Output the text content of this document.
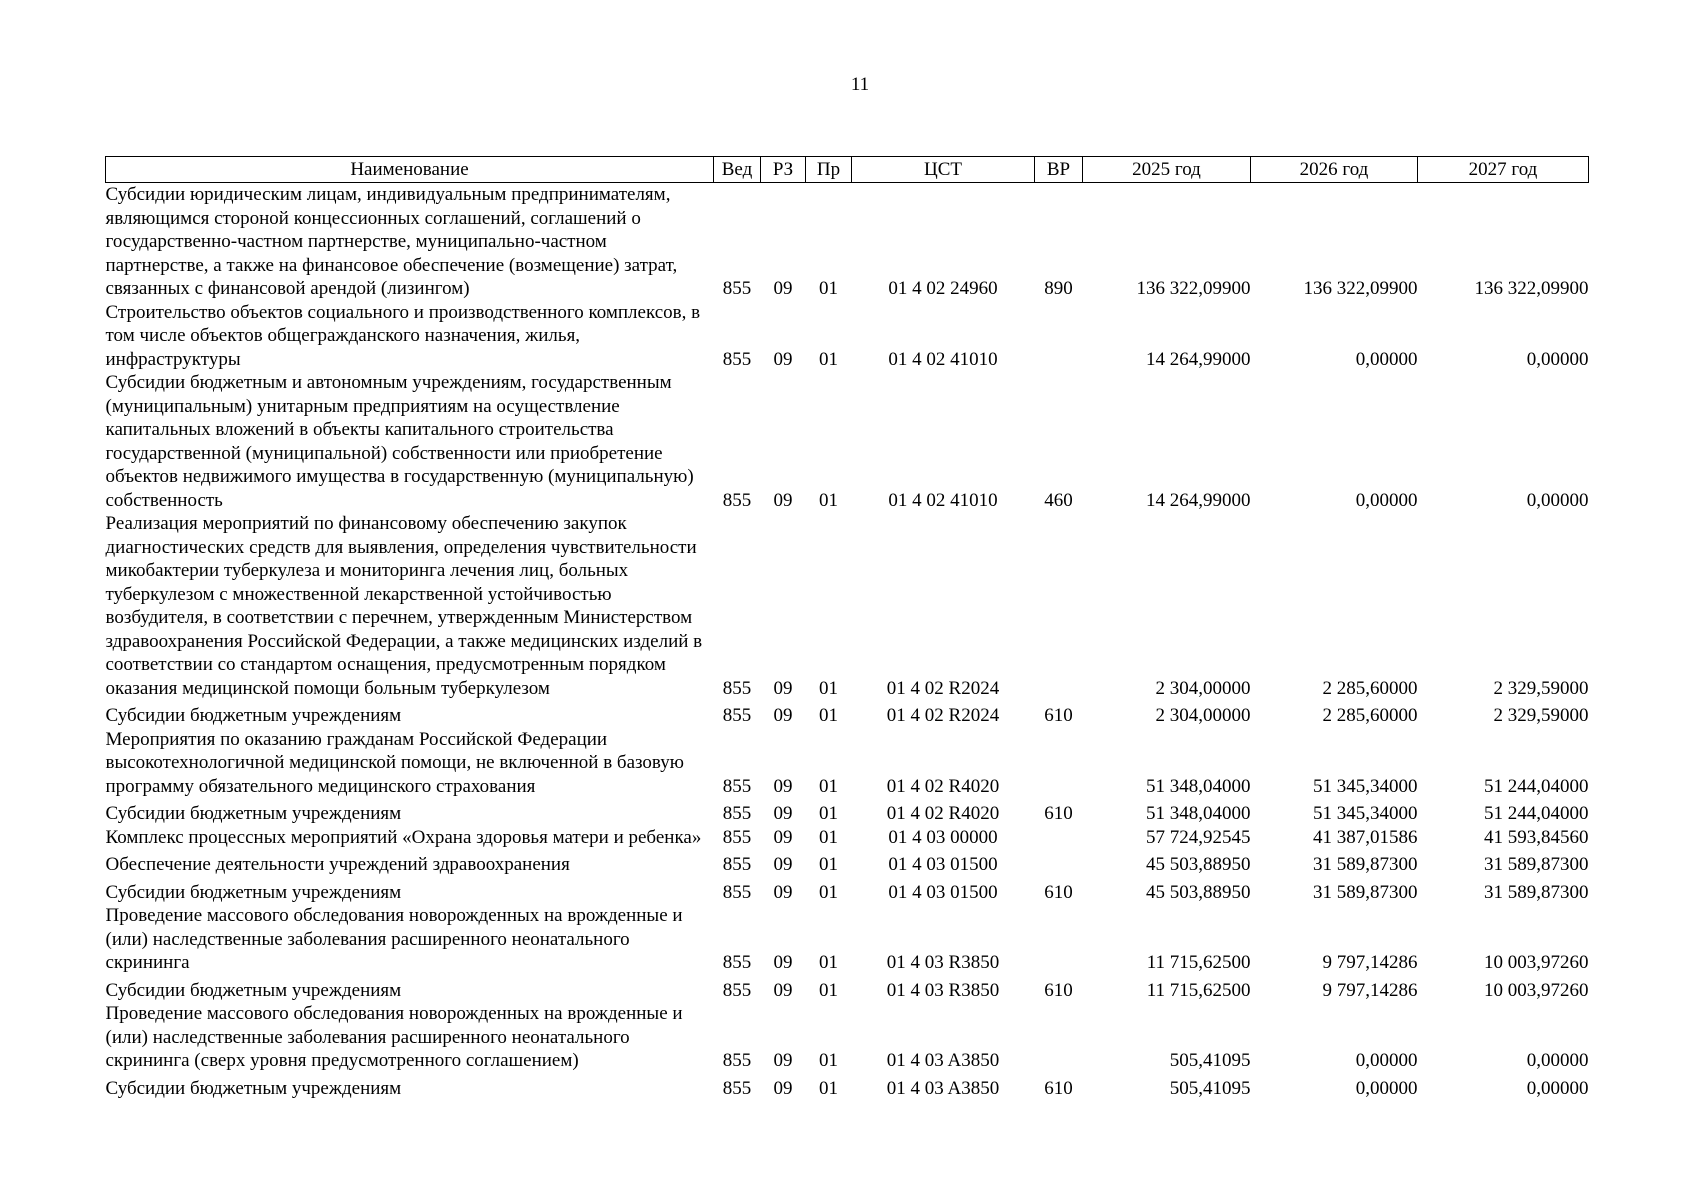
11
Наименование	Вед	РЗ	Пр	ЦСТ	ВР	2025 год	2026 год	2027 год
Субсидии юридическим лицам, индивидуальным предпринимателям, являющимся стороной концессионных соглашений, соглашений о государственно-частном партнерстве, муниципально-частном партнерстве, а также на финансовое обеспечение (возмещение) затрат, связанных с финансовой арендой (лизингом)	855	09	01	01 4 02 24960	890	136 322,09900	136 322,09900	136 322,09900
Строительство объектов социального и производственного комплексов, в том числе объектов общегражданского назначения, жилья, инфраструктуры	855	09	01	01 4 02 41010		14 264,99000	0,00000	0,00000
Субсидии бюджетным и автономным учреждениям, государственным (муниципальным) унитарным предприятиям на осуществление капитальных вложений в объекты капитального строительства государственной (муниципальной) собственности или приобретение объектов недвижимого имущества в государственную (муниципальную) собственность	855	09	01	01 4 02 41010	460	14 264,99000	0,00000	0,00000
Реализация мероприятий по финансовому обеспечению закупок диагностических средств для выявления, определения чувствительности микобактерии туберкулеза и мониторинга лечения лиц, больных туберкулезом с множественной лекарственной устойчивостью возбудителя, в соответствии с перечнем, утвержденным Министерством здравоохранения Российской Федерации, а также медицинских изделий в соответствии со стандартом оснащения, предусмотренным порядком оказания медицинской помощи больным туберкулезом	855	09	01	01 4 02 R2024		2 304,00000	2 285,60000	2 329,59000
Субсидии бюджетным учреждениям	855	09	01	01 4 02 R2024	610	2 304,00000	2 285,60000	2 329,59000
Мероприятия по оказанию гражданам Российской Федерации высокотехнологичной медицинской помощи, не включенной в базовую программу обязательного медицинского страхования	855	09	01	01 4 02 R4020		51 348,04000	51 345,34000	51 244,04000
Субсидии бюджетным учреждениям	855	09	01	01 4 02 R4020	610	51 348,04000	51 345,34000	51 244,04000
Комплекс процессных мероприятий «Охрана здоровья матери и ребенка»	855	09	01	01 4 03 00000		57 724,92545	41 387,01586	41 593,84560
Обеспечение деятельности учреждений здравоохранения	855	09	01	01 4 03 01500		45 503,88950	31 589,87300	31 589,87300
Субсидии бюджетным учреждениям	855	09	01	01 4 03 01500	610	45 503,88950	31 589,87300	31 589,87300
Проведение массового обследования новорожденных на врожденные и (или) наследственные заболевания расширенного неонатального скрининга	855	09	01	01 4 03 R3850		11 715,62500	9 797,14286	10 003,97260
Субсидии бюджетным учреждениям	855	09	01	01 4 03 R3850	610	11 715,62500	9 797,14286	10 003,97260
Проведение массового обследования новорожденных на врожденные и (или) наследственные заболевания расширенного неонатального скрининга (сверх уровня предусмотренного соглашением)	855	09	01	01 4 03 A3850		505,41095	0,00000	0,00000
Субсидии бюджетным учреждениям	855	09	01	01 4 03 A3850	610	505,41095	0,00000	0,00000
